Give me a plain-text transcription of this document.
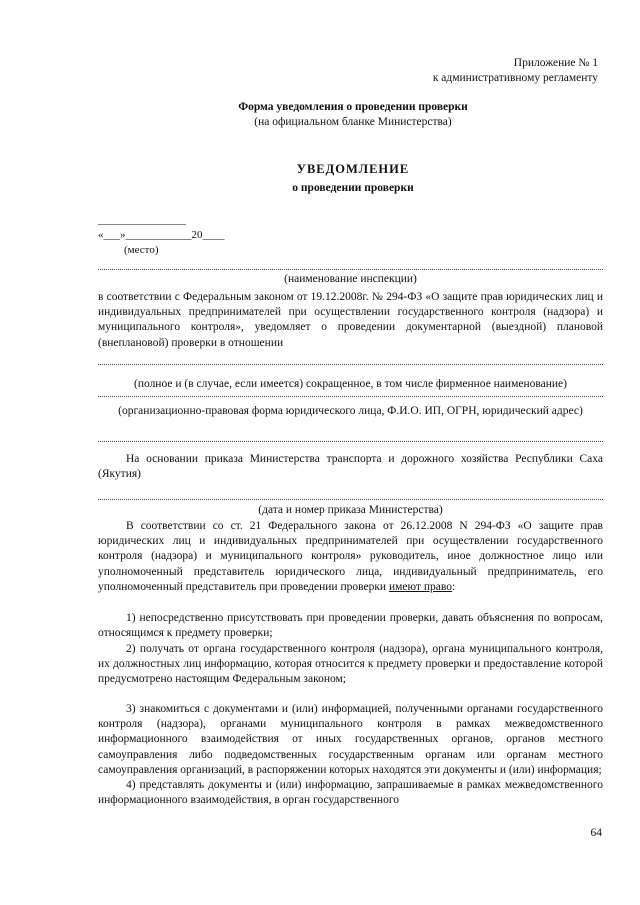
Приложение № 1
к административному регламенту
Форма уведомления о проведении проверки
(на официальном бланке Министерства)
УВЕДОМЛЕНИЕ
о проведении проверки
________________
«___»____________20____
(место)
(наименование инспекции)
в соответствии с Федеральным законом от 19.12.2008г. № 294-ФЗ «О защите прав юридических лиц и индивидуальных предпринимателей при осуществлении государственного контроля (надзора) и муниципального контроля», уведомляет о проведении документарной (выездной) плановой (внеплановой) проверки в отношении
(полное и (в случае, если имеется) сокращенное, в том числе фирменное наименование)
(организационно-правовая форма юридического лица, Ф.И.О. ИП, ОГРН, юридический адрес)
На основании приказа Министерства транспорта и дорожного хозяйства Республики Саха (Якутия)
(дата и номер приказа Министерства)
В соответствии со ст. 21 Федерального закона от 26.12.2008 N 294-ФЗ «О защите прав юридических лиц и индивидуальных предпринимателей при осуществлении государственного контроля (надзора) и муниципального контроля» руководитель, иное должностное лицо или уполномоченный представитель юридического лица, индивидуальный предприниматель, его уполномоченный представитель при проведении проверки имеют право:
1) непосредственно присутствовать при проведении проверки, давать объяснения по вопросам, относящимся к предмету проверки;
2) получать от органа государственного контроля (надзора), органа муниципального контроля, их должностных лиц информацию, которая относится к предмету проверки и предоставление которой предусмотрено настоящим Федеральным законом;
3) знакомиться с документами и (или) информацией, полученными органами государственного контроля (надзора), органами муниципального контроля в рамках межведомственного информационного взаимодействия от иных государственных органов, органов местного самоуправления либо подведомственных государственным органам или органам местного самоуправления организаций, в распоряжении которых находятся эти документы и (или) информация;
4) представлять документы и (или) информацию, запрашиваемые в рамках межведомственного информационного взаимодействия, в орган государственного
64
